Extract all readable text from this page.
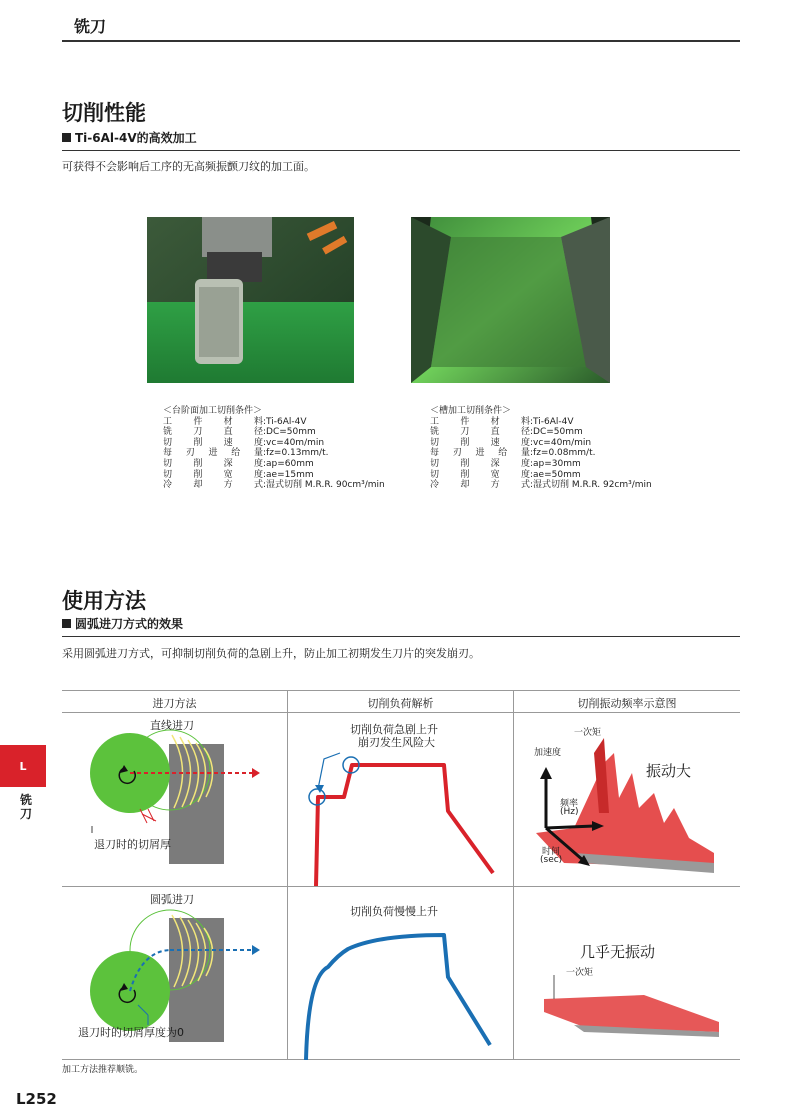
铣刀
切削性能
Ti-6Al-4V的高效加工
可获得不会影响后工序的无高频振颤刀纹的加工面。
＜台阶面加工切削条件＞
工件材料:Ti-6Al-4V
铣刀直径:DC=50mm
切削速度:vc=40m/min
每刃进给量:fz=0.13mm/t.
切削深度:ap=60mm
切削宽度:ae=15mm
冷却方式:湿式切削 M.R.R. 90cm³/min
＜槽加工切削条件＞
工件材料:Ti-6Al-4V
铣刀直径:DC=50mm
切削速度:vc=40m/min
每刃进给量:fz=0.08mm/t.
切削深度:ap=30mm
切削宽度:ae=50mm
冷却方式:湿式切削 M.R.R. 92cm³/min
使用方法
圆弧进刀方式的效果
采用圆弧进刀方式，可抑制切削负荷的急剧上升，防止加工初期发生刀片的突发崩刃。
进刀方法	切削负荷解析	切削振动频率示意图
直线进刀
退刀时的切屑厚
切削负荷急剧上升
崩刃发生风险大
一次矩
加速度
振动大
频率
(Hz)
时间
(sec)
圆弧进刀
退刀时的切屑厚度为0
切削负荷慢慢上升
几乎无振动
一次矩
加工方法推荐顺铣。
L
铣刀
L252
